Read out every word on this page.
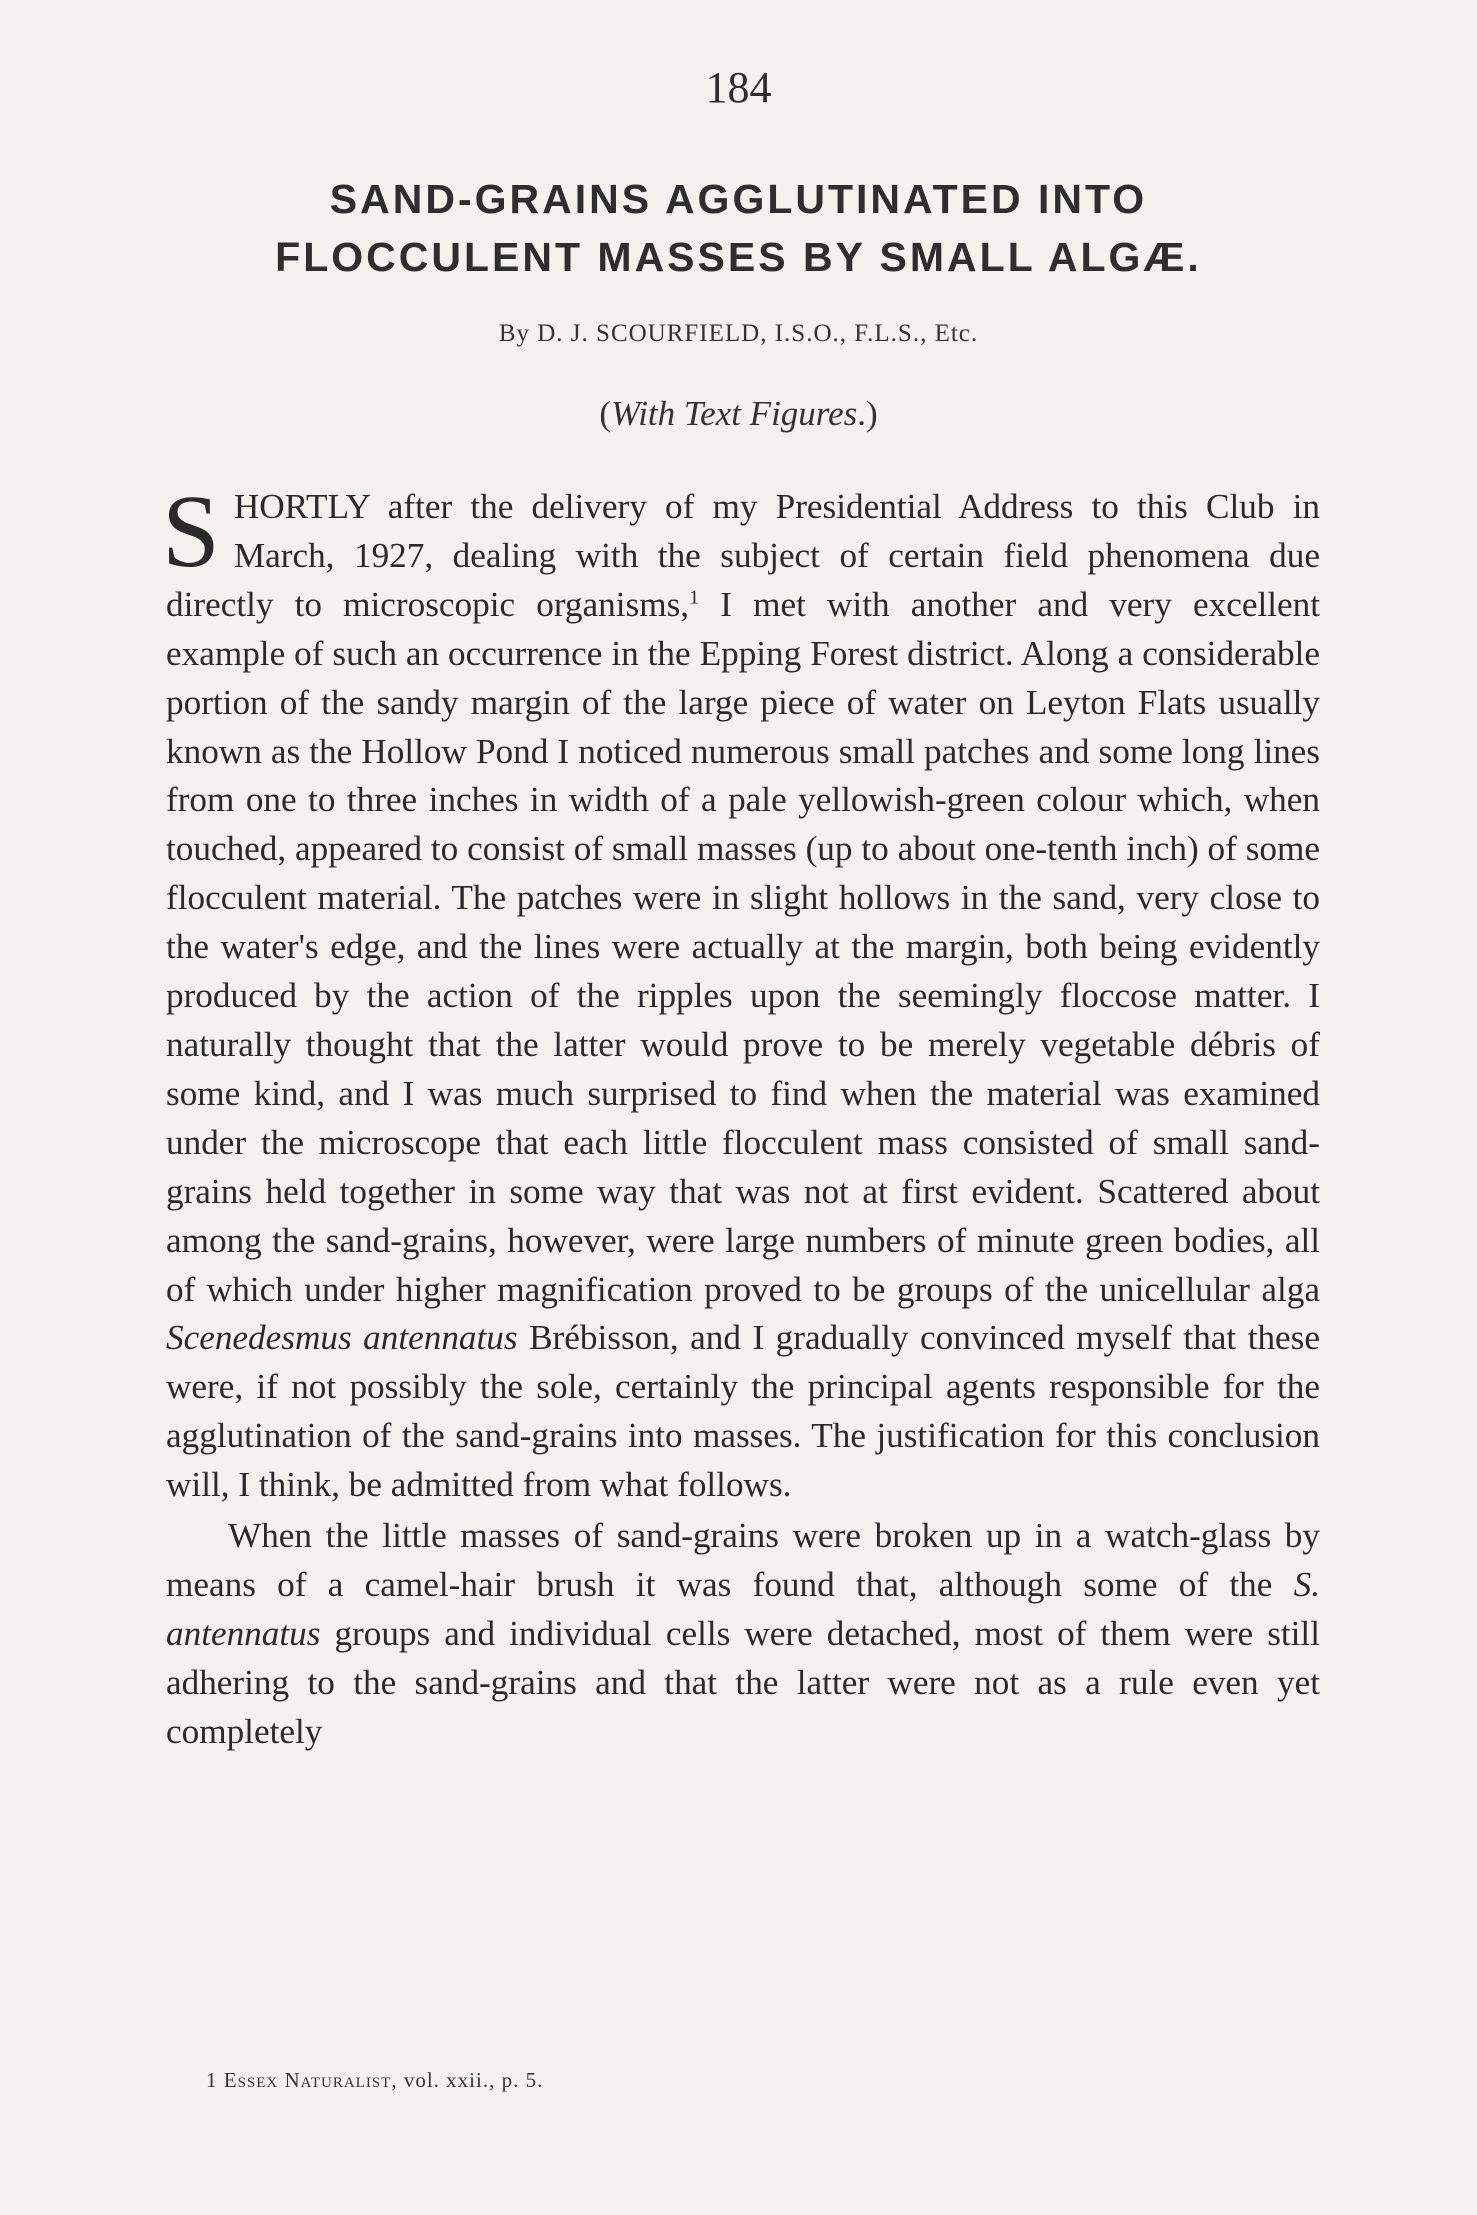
184
SAND-GRAINS AGGLUTINATED INTO
FLOCCULENT MASSES BY SMALL ALGÆ.
By D. J. SCOURFIELD, I.S.O., F.L.S., Etc.
(With Text Figures.)

SHORTLY after the delivery of my Presidential Address to this Club in March, 1927, dealing with the subject of certain field phenomena due directly to microscopic organisms,$^1$ I met with another and very excellent example of such an occurrence in the Epping Forest district. Along a considerable portion of the sandy margin of the large piece of water on Leyton Flats usually known as the Hollow Pond I noticed numerous small patches and some long lines from one to three inches in width of a pale yellowish-green colour which, when touched, appeared to consist of small masses (up to about one-tenth inch) of some flocculent material. The patches were in slight hollows in the sand, very close to the water's edge, and the lines were actually at the margin, both being evidently produced by the action of the ripples upon the seemingly floccose matter. I naturally thought that the latter would prove to be merely vegetable débris of some kind, and I was much surprised to find when the material was examined under the microscope that each little flocculent mass consisted of small sand-grains held together in some way that was not at first evident. Scattered about among the sand-grains, however, were large numbers of minute green bodies, all of which under higher magnification proved to be groups of the unicellular alga Scenedesmus antennatus Brébisson, and I gradually convinced myself that these were, if not possibly the sole, certainly the principal agents responsible for the agglutination of the sand-grains into masses. The justification for this conclusion will, I think, be admitted from what follows.

When the little masses of sand-grains were broken up in a watch-glass by means of a camel-hair brush it was found that, although some of the S. antennatus groups and individual cells were detached, most of them were still adhering to the sand-grains and that the latter were not as a rule even yet completely

1 Essex Naturalist, vol. xxii., p. 5.
